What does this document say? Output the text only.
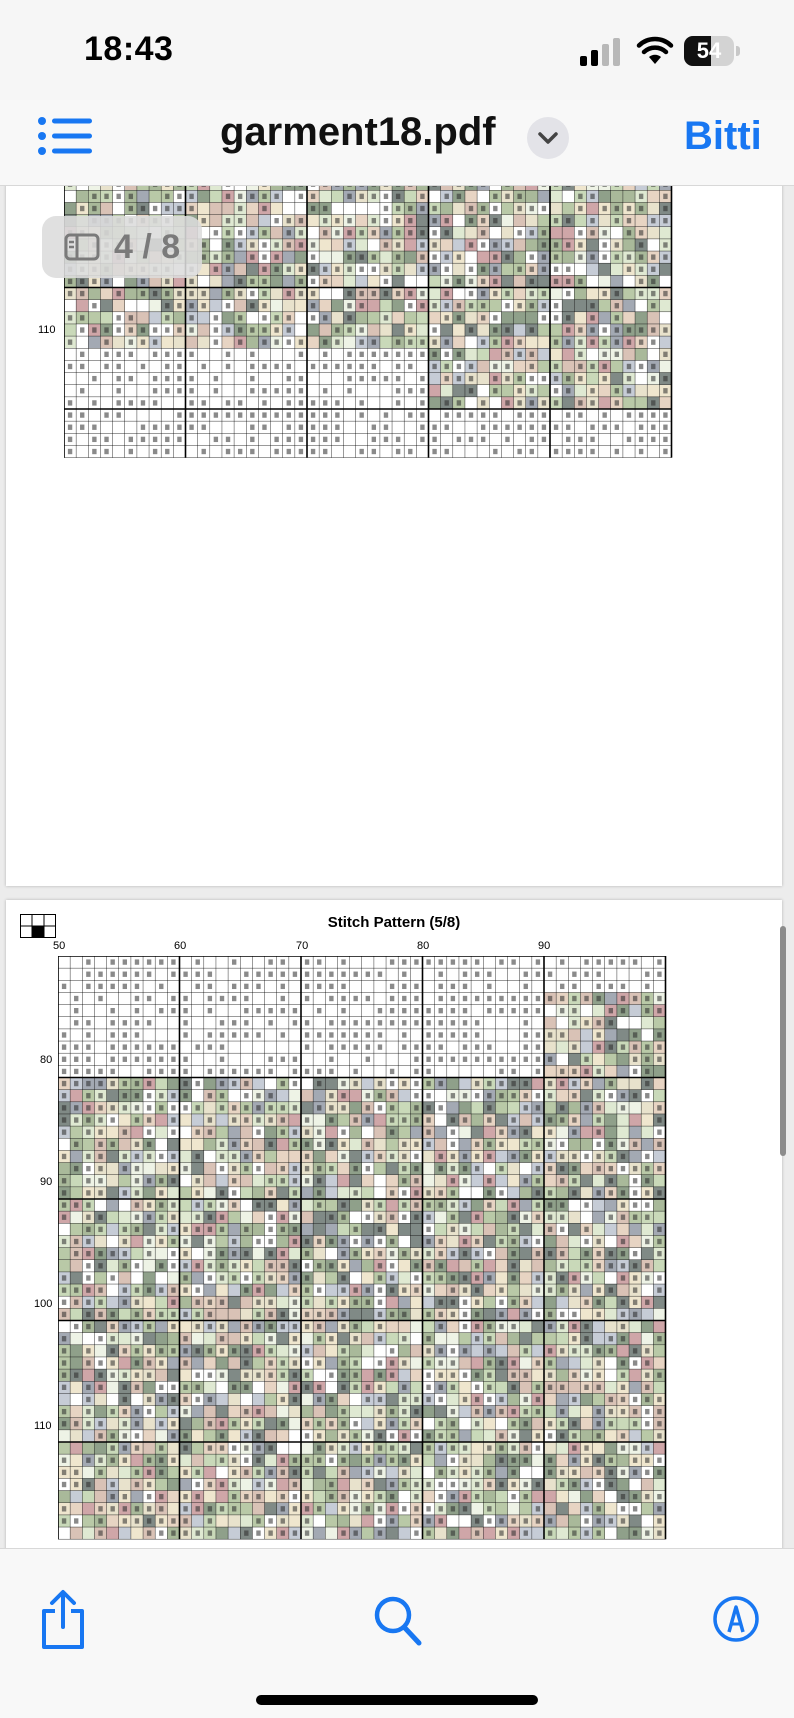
18:43	54
garment18.pdf	Bitti
110
Stitch Pattern (5/8)
50	60	70	80	90
80
90
100
110
4 / 8
